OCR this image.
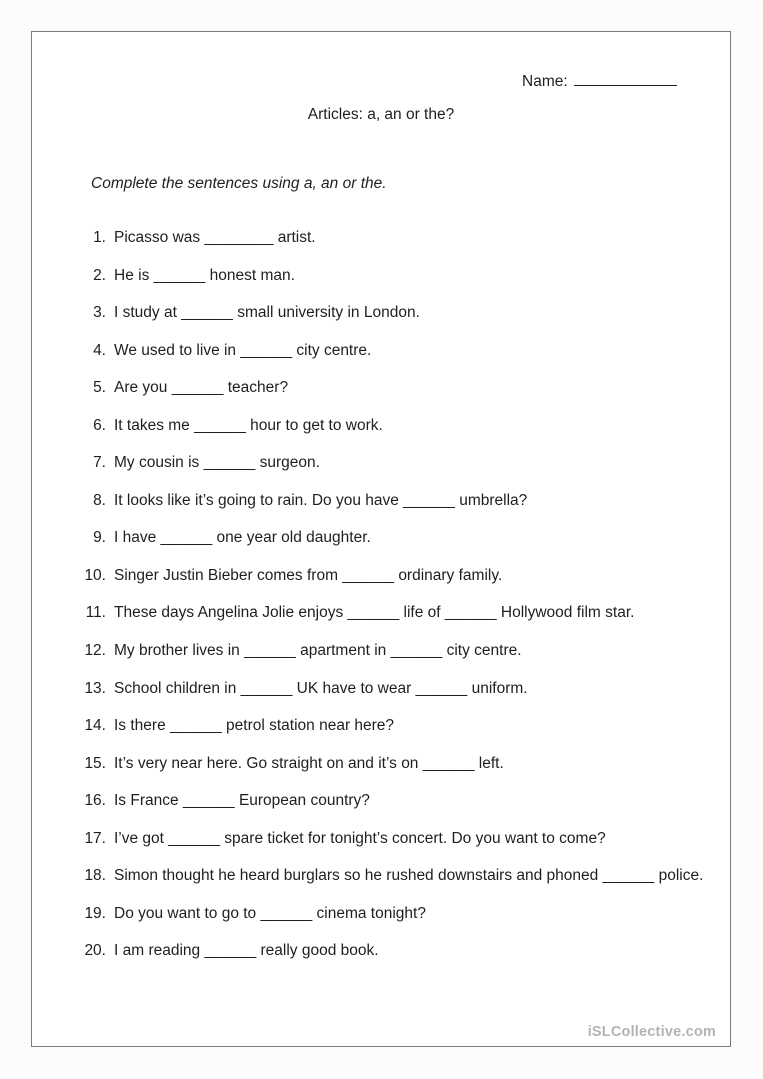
Name:
Articles: a, an or the?
Complete the sentences using a, an or the.
1. Picasso was ________ artist.
2. He is ______ honest man.
3. I study at ______ small university in London.
4. We used to live in ______ city centre.
5. Are you ______ teacher?
6. It takes me ______ hour to get to work.
7. My cousin is ______ surgeon.
8. It looks like it’s going to rain. Do you have ______ umbrella?
9. I have ______ one year old daughter.
10. Singer Justin Bieber comes from ______ ordinary family.
11. These days Angelina Jolie enjoys ______ life of ______ Hollywood film star.
12. My brother lives in ______ apartment in ______ city centre.
13. School children in ______ UK have to wear ______ uniform.
14. Is there ______ petrol station near here?
15. It’s very near here. Go straight on and it’s on ______ left.
16. Is France ______ European country?
17. I’ve got ______ spare ticket for tonight’s concert. Do you want to come?
18. Simon thought he heard burglars so he rushed downstairs and phoned ______ police.
19. Do you want to go to ______ cinema tonight?
20. I am reading ______ really good book.
iSLCollective.com
